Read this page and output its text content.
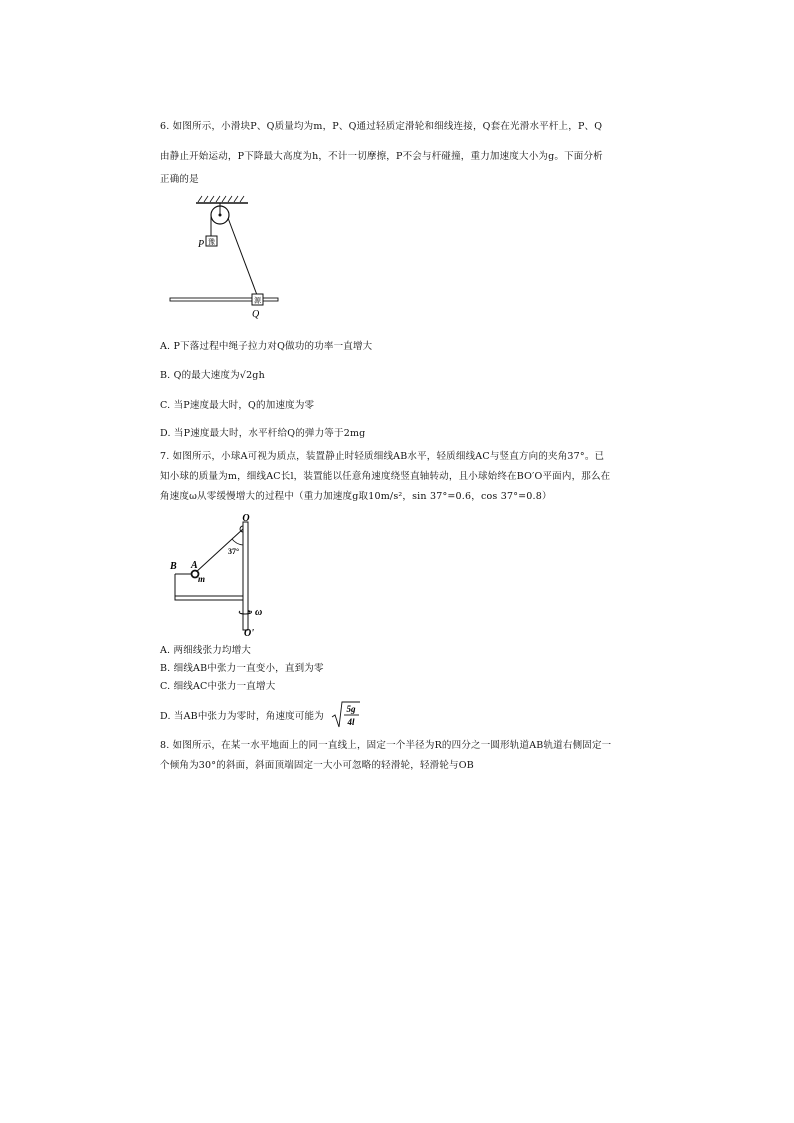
6. 如图所示，小滑块P、Q质量均为m，P、Q通过轻质定滑轮和细线连接，Q套在光滑水平杆上，P、Q
由静止开始运动，P下降最大高度为h，不计一切摩擦，P不会与杆碰撞，重力加速度大小为g。下面分析
正确的是
豫
P
源
Q
A. P下落过程中绳子拉力对Q做功的功率一直增大
B. Q的最大速度为√2gh
C. 当P速度最大时，Q的加速度为零
D. 当P速度最大时，水平杆给Q的弹力等于2mg
7. 如图所示，小球A可视为质点，装置静止时轻质细线AB水平，轻质细线AC与竖直方向的夹角37°。已
知小球的质量为m，细线AC长l，装置能以任意角速度绕竖直轴转动，且小球始终在BO′O平面内，那么在
角速度ω从零缓慢增大的过程中（重力加速度g取10m/s²，sin 37°=0.6，cos 37°=0.8）
O
37°
A
m
B
ω
O'
A. 两细线张力均增大
B. 细线AB中张力一直变小，直到为零
C. 细线AC中张力一直增大
D. 当AB中张力为零时，角速度可能为
5g
4l
8. 如图所示，在某一水平地面上的同一直线上，固定一个半径为R的四分之一圆形轨道AB轨道右侧固定一
个倾角为30°的斜面，斜面顶端固定一大小可忽略的轻滑轮，轻滑轮与OB
